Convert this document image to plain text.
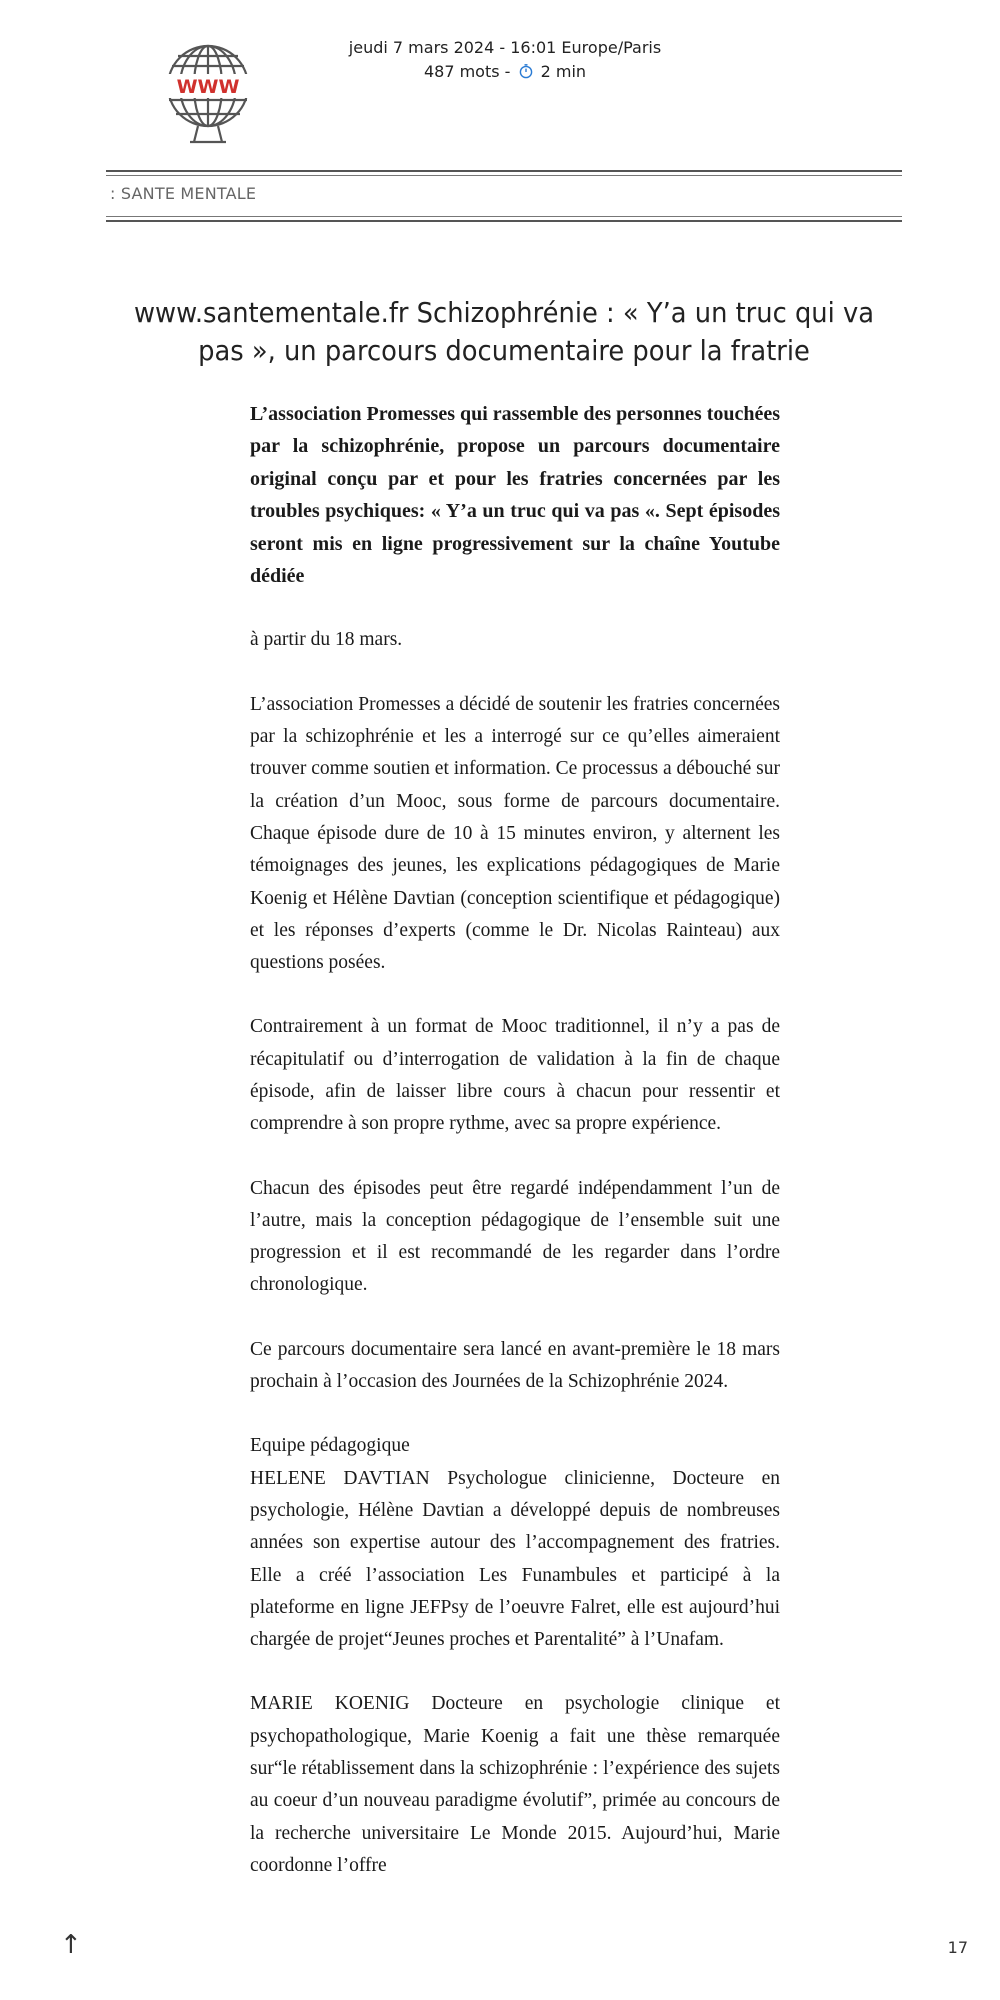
WWW
jeudi 7 mars 2024 - 16:01 Europe/Paris
487 mots - 2 min
: SANTE MENTALE
www.santementale.fr Schizophrénie : « Y’a un truc qui va pas », un parcours documentaire pour la fratrie

L’association Promesses qui rassemble des personnes touchées par la schizophrénie, propose un parcours documentaire original conçu par et pour les fratries concernées par les troubles psychiques: « Y’a un truc qui va pas «. Sept épisodes seront mis en ligne progressivement sur la chaîne Youtube dédiée

à partir du 18 mars.

L’association Promesses a décidé de soutenir les fratries concernées par la schizophrénie et les a interrogé sur ce qu’elles aimeraient trouver comme soutien et information. Ce processus a débouché sur la création d’un Mooc, sous forme de parcours documentaire. Chaque épisode dure de 10 à 15 minutes environ, y alternent les témoignages des jeunes, les explications pédagogiques de Marie Koenig et Hélène Davtian (conception scientifique et pédagogique) et les réponses d’experts (comme le Dr. Nicolas Rainteau) aux questions posées.

Contrairement à un format de Mooc traditionnel, il n’y a pas de récapitulatif ou d’interrogation de validation à la fin de chaque épisode, afin de laisser libre cours à chacun pour ressentir et comprendre à son propre rythme, avec sa propre expérience.

Chacun des épisodes peut être regardé indépendamment l’un de l’autre, mais la conception pédagogique de l’ensemble suit une progression et il est recommandé de les regarder dans l’ordre chronologique.

Ce parcours documentaire sera lancé en avant-première le 18 mars prochain à l’occasion des Journées de la Schizophrénie 2024.

Equipe pédagogique
HELENE DAVTIAN Psychologue clinicienne, Docteure en psychologie, Hélène Davtian a développé depuis de nombreuses années son expertise autour des l’accompagnement des fratries. Elle a créé l’association Les Funambules et participé à la plateforme en ligne JEFPsy de l’oeuvre Falret, elle est aujourd’hui chargée de projet“Jeunes proches et Parentalité” à l’Unafam.

MARIE KOENIG Docteure en psychologie clinique et psychopathologique, Marie Koenig a fait une thèse remarquée sur“le rétablissement dans la schizophrénie : l’expérience des sujets au coeur d’un nouveau paradigme évolutif”, primée au concours de la recherche universitaire Le Monde 2015. Aujourd’hui, Marie coordonne l’offre

↑	17
